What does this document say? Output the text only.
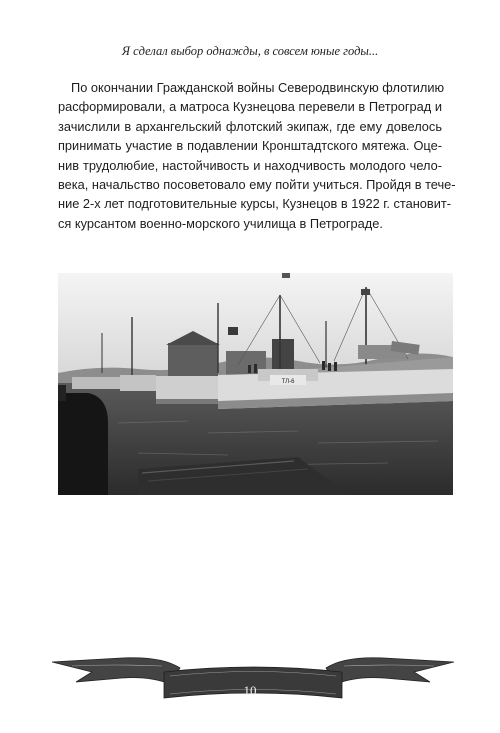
Я сделал выбор однажды, в совсем юные годы...

По окончании Гражданской войны Северодвинскую флотилию
расформировали, а матроса Кузнецова перевели в Петроград и
зачислили в архангельский флотский экипаж, где ему довелось
принимать участие в подавлении Кронштадтского мятежа. Оце-
нив трудолюбие, настойчивость и находчивость молодого чело-
века, начальство посоветовало ему пойти учиться. Пройдя в тече-
ние 2-х лет подготовительные курсы, Кузнецов в 1922 г. становит-
ся курсантом военно-морского училища в Петрограде.

ТЛ-6
10
